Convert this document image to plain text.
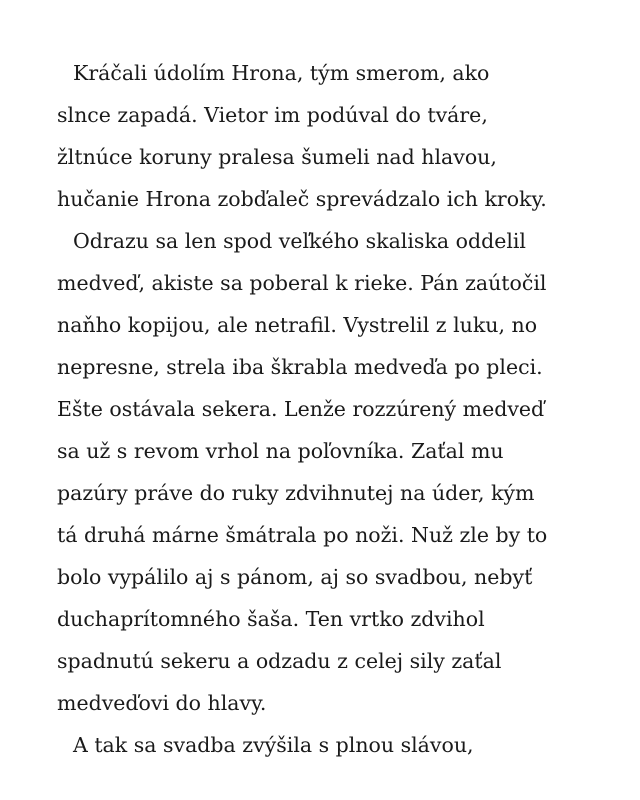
Kráčali údolím Hrona, tým smerom, ako
slnce zapadá. Vietor im podúval do tváre,
žltnúce koruny pralesa šumeli nad hlavou,
hučanie Hrona zobďaleč sprevádzalo ich kroky.
Odrazu sa len spod veľkého skaliska oddelil
medveď, akiste sa poberal k rieke. Pán zaútočil
naňho kopijou, ale netrafil. Vystrelil z luku, no
nepresne, strela iba škrabla medveďa po pleci.
Ešte ostávala sekera. Lenže rozzúrený medveď
sa už s revom vrhol na poľovníka. Zaťal mu
pazúry práve do ruky zdvihnutej na úder, kým
tá druhá márne šmátrala po noži. Nuž zle by to
bolo vypálilo aj s pánom, aj so svadbou, nebyť
duchaprítomného šaša. Ten vrtko zdvihol
spadnutú sekeru a odzadu z celej sily zaťal
medveďovi do hlavy.
A tak sa svadba zvýšila s plnou slávou,
